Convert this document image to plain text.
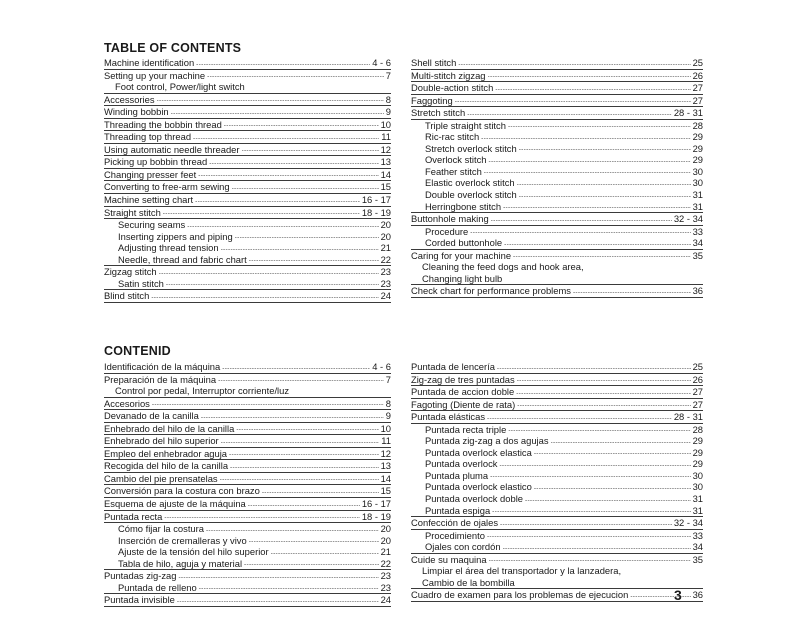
TABLE OF CONTENTS
Machine identification -----	4 - 6
Setting up your machine -----	7
Foot control, Power/light switch
Accessories -----	8
Winding bobbin -----	9
Threading the bobbin thread -----	10
Threading top thread -----	11
Using automatic needle threader -----	12
Picking up bobbin thread -----	13
Changing presser feet -----	14
Converting to free-arm sewing -----	15
Machine setting chart -----	16 - 17
Straight stitch -----	18 - 19
Securing seams -----	20
Inserting zippers and piping -----	20
Adjusting thread tension -----	21
Needle, thread and fabric chart -----	22
Zigzag stitch -----	23
Satin stitch -----	23
Blind stitch -----	24
Shell stitch -----	25
Multi-stitch zigzag -----	26
Double-action stitch -----	27
Faggoting -----	27
Stretch stitch -----	28 - 31
Triple straight stitch -----	28
Ric-rac stitch -----	29
Stretch overlock stitch -----	29
Overlock stitch -----	29
Feather stitch -----	30
Elastic overlock stitch -----	30
Double overlock stitch -----	31
Herringbone stitch -----	31
Buttonhole making -----	32 - 34
Procedure -----	33
Corded buttonhole -----	34
Caring for your machine -----	35
Cleaning the feed dogs and hook area,
Changing light bulb
Check chart for performance problems -----	36
CONTENID
Identificación de la máquina -----	4 - 6
Preparación de la máquina -----	7
Control por pedal, Interruptor corriente/luz
Accesorios -----	8
Devanado de la canilla -----	9
Enhebrado del hilo de la canilla -----	10
Enhebrado del hilo superior -----	11
Empleo del enhebrador aguja -----	12
Recogida del hilo de la canilla -----	13
Cambio del pie prensatelas -----	14
Conversión para la costura con brazo -----	15
Esquema de ajuste de la máquina -----	16 - 17
Puntada recta -----	18 - 19
Cómo fijar la costura -----	20
Inserción de cremalleras y vivo -----	20
Ajuste de la tensión del hilo superior -----	21
Tabla de hilo, aguja y material -----	22
Puntadas zig-zag -----	23
Puntada de relleno -----	23
Puntada invisible -----	24
Puntada de lencería -----	25
Zig-zag de tres puntadas -----	26
Puntada de accion doble -----	27
Fagoting (Diente de rata) -----	27
Puntada elásticas -----	28 - 31
Puntada recta triple -----	28
Puntada zig-zag a dos agujas -----	29
Puntada overlock elastica -----	29
Puntada overlock -----	29
Puntada pluma -----	30
Puntada overlock elastico -----	30
Puntada overlock doble -----	31
Puntada espiga -----	31
Confección de ojales -----	32 - 34
Procedimiento -----	33
Ojales con cordón -----	34
Cuide su maquina -----	35
Limpiar el área del transportador y la lanzadera,
Cambio de la bombilla
Cuadro de examen para los problemas de ejecucion -----	36
3
